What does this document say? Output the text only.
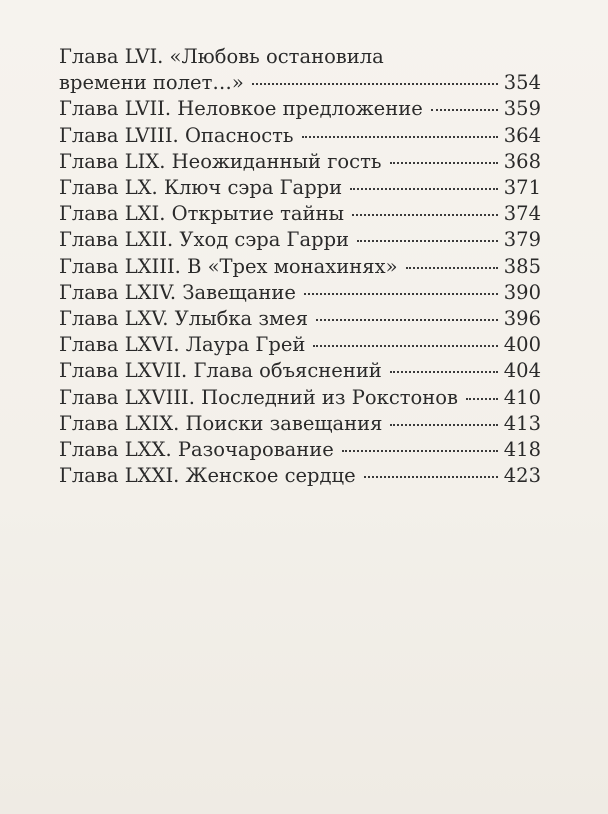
Глава LVI. «Любовь остановила
времени полет…»	354
Глава LVII. Неловкое предложение	359
Глава LVIII. Опасность	364
Глава LIX. Неожиданный гость	368
Глава LX. Ключ сэра Гарри	371
Глава LXI. Открытие тайны	374
Глава LXII. Уход сэра Гарри	379
Глава LXIII. В «Трех монахинях»	385
Глава LXIV. Завещание	390
Глава LXV. Улыбка змея	396
Глава LXVI. Лаура Грей	400
Глава LXVII. Глава объяснений	404
Глава LXVIII. Последний из Рокстонов 410
Глава LXIX. Поиски завещания	413
Глава LXX. Разочарование	418
Глава LXXI. Женское сердце	423
